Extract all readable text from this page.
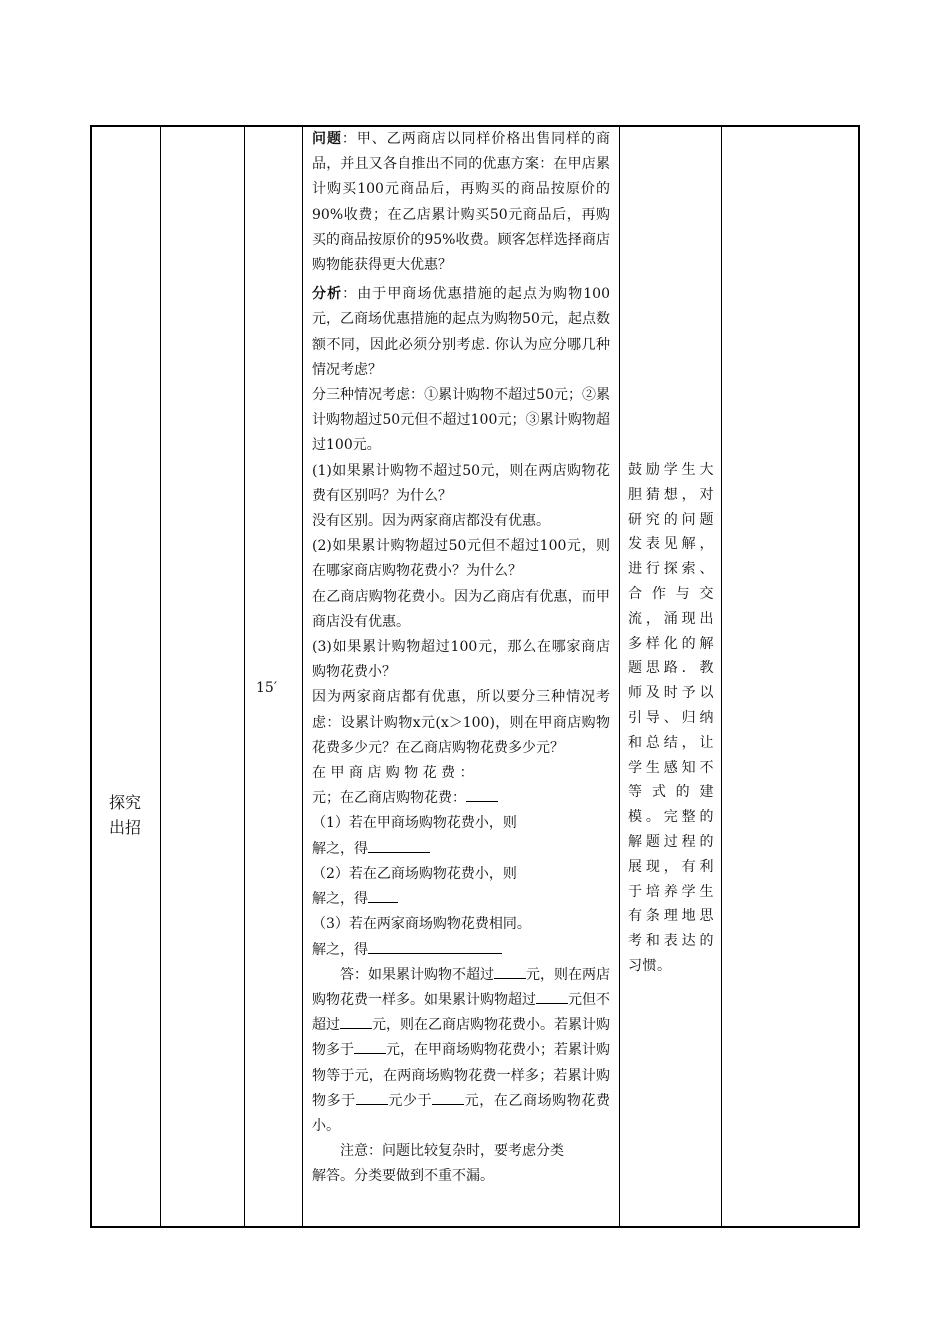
探究
出招
15′

问题：甲、乙两商店以同样价格出售同样的商品，并且又各自推出不同的优惠方案：在甲店累计购买100元商品后，再购买的商品按原价的90%收费；在乙店累计购买50元商品后，再购买的商品按原价的95%收费。顾客怎样选择商店购物能获得更大优惠？

分析：由于甲商场优惠措施的起点为购物100元，乙商场优惠措施的起点为购物50元，起点数额不同，因此必须分别考虑. 你认为应分哪几种情况考虑？

分三种情况考虑：①累计购物不超过50元；②累计购物超过50元但不超过100元；③累计购物超过100元。

(1)如果累计购物不超过50元，则在两店购物花费有区别吗？为什么？

没有区别。因为两家商店都没有优惠。

(2)如果累计购物超过50元但不超过100元，则在哪家商店购物花费小？为什么？

在乙商店购物花费小。因为乙商店有优惠，而甲商店没有优惠。

(3)如果累计购物超过100元，那么在哪家商店购物花费小？

因为两家商店都有优惠，所以要分三种情况考虑：设累计购物x元(x＞100)，则在甲商店购物花费多少元？在乙商店购物花费多少元？

在 甲 商 店 购 物 花 费 ：

元；在乙商店购物花费：

（1）若在甲商场购物花费小，则

解之，得

（2）若在乙商场购物花费小，则

解之，得

（3）若在两家商场购物花费相同。

解之，得

答：如果累计购物不超过 元，则在两店购物花费一样多。如果累计购物超过 元但不超过 元，则在乙商店购物花费小。若累计购物多于 元，在甲商场购物花费小；若累计购物等于元，在两商场购物花费一样多；若累计购物多于 元少于 元，在乙商场购物花费小。

注意：问题比较复杂时，要考虑分类

解答。分类要做到不重不漏。

鼓励学生大胆猜想，对研究的问题发表见解，进行探索、合作与交流，涌现出多样化的解题思路．教师及时予以引导、归纳和总结，让学生感知不等式的建模。完整的解题过程的展现，有利于培养学生有条理地思考和表达的习惯。
